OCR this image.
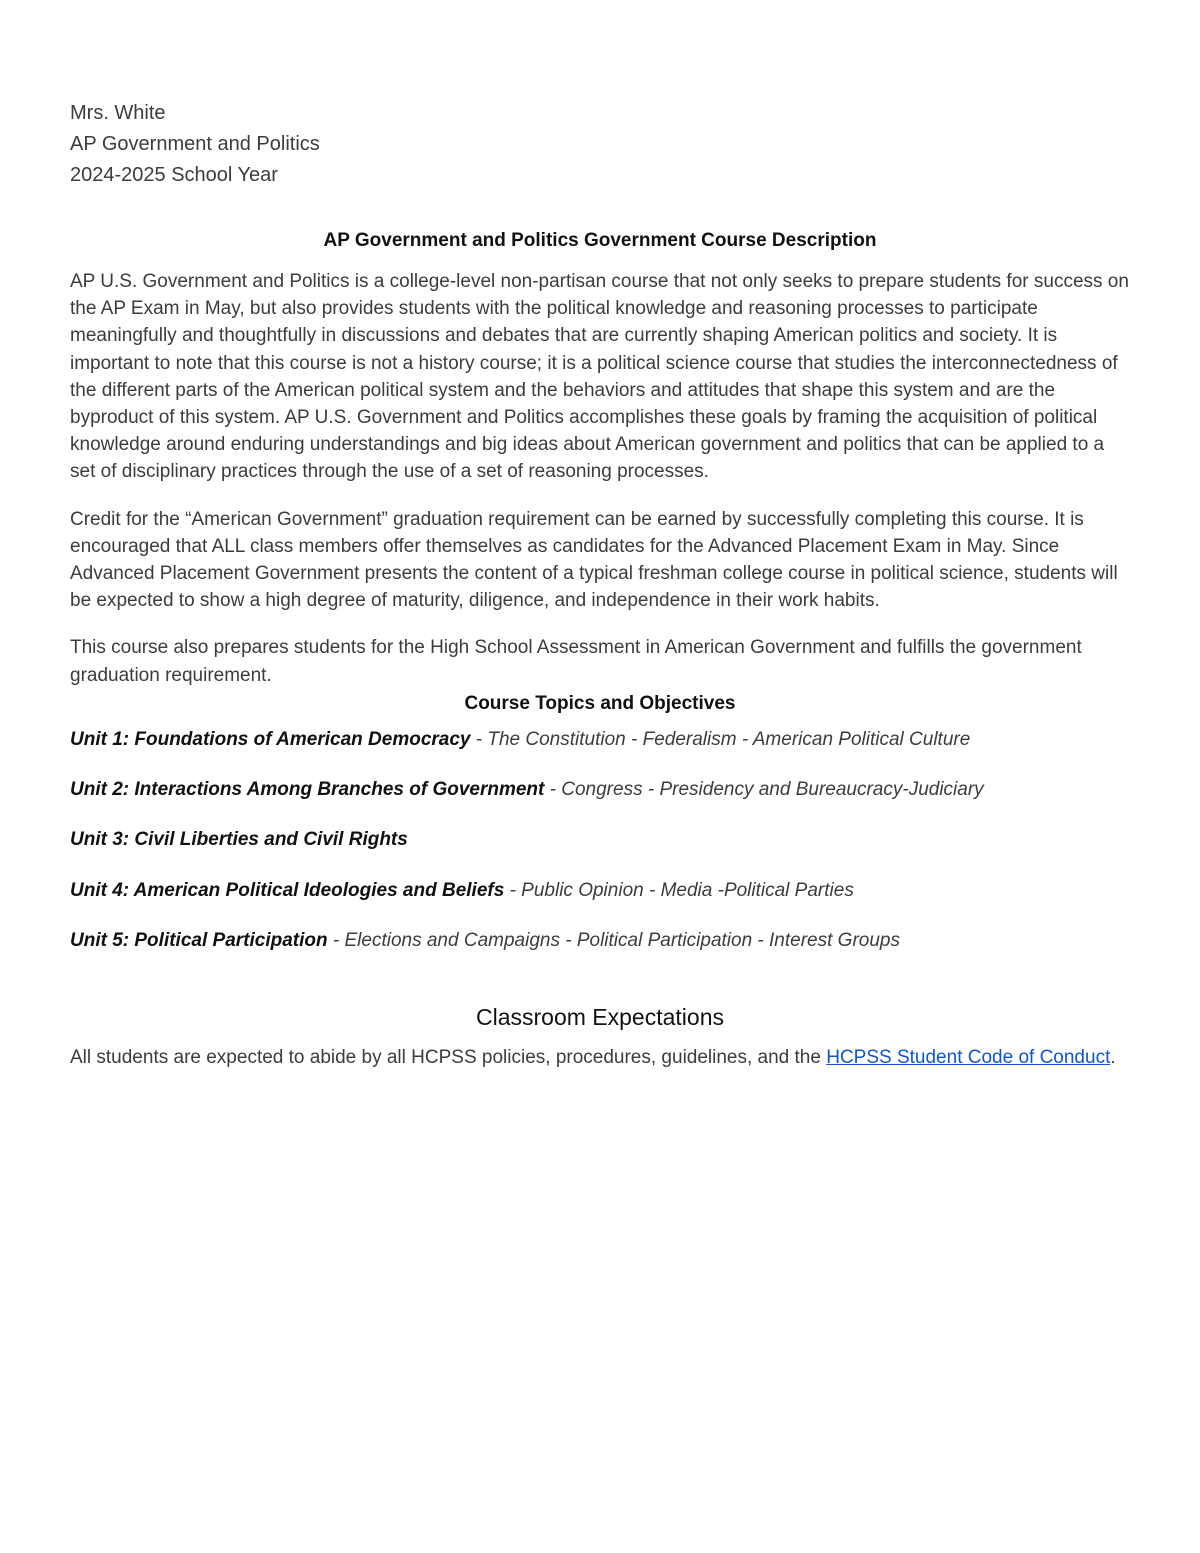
Mrs. White

AP Government and Politics

2024-2025 School Year

AP Government and Politics Government Course Description

AP U.S. Government and Politics is a college-level non-partisan course that not only seeks to prepare students for success on the AP Exam in May, but also provides students with the political knowledge and reasoning processes to participate meaningfully and thoughtfully in discussions and debates that are currently shaping American politics and society. It is important to note that this course is not a history course; it is a political science course that studies the interconnectedness of the different parts of the American political system and the behaviors and attitudes that shape this system and are the byproduct of this system. AP U.S. Government and Politics accomplishes these goals by framing the acquisition of political knowledge around enduring understandings and big ideas about American government and politics that can be applied to a set of disciplinary practices through the use of a set of reasoning processes.

Credit for the “American Government” graduation requirement can be earned by successfully completing this course. It is encouraged that ALL class members offer themselves as candidates for the Advanced Placement Exam in May. Since Advanced Placement Government presents the content of a typical freshman college course in political science, students will be expected to show a high degree of maturity, diligence, and independence in their work habits.

This course also prepares students for the High School Assessment in American Government and fulfills the government graduation requirement.

Course Topics and Objectives

Unit 1: Foundations of American Democracy - The Constitution - Federalism - American Political Culture

Unit 2: Interactions Among Branches of Government - Congress - Presidency and Bureaucracy-Judiciary

Unit 3: Civil Liberties and Civil Rights

Unit 4: American Political Ideologies and Beliefs - Public Opinion - Media -Political Parties

Unit 5: Political Participation - Elections and Campaigns - Political Participation - Interest Groups

Classroom Expectations

All students are expected to abide by all HCPSS policies, procedures, guidelines, and the HCPSS Student Code of Conduct.
